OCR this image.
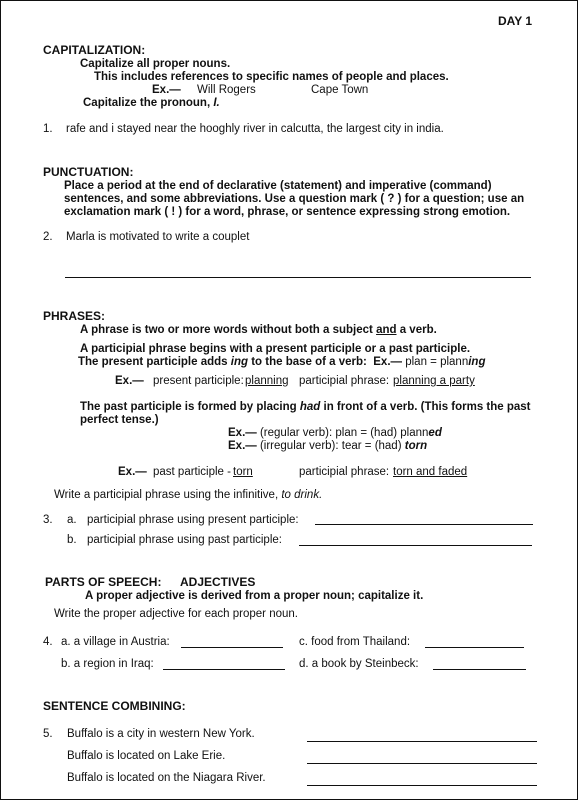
DAY 1
CAPITALIZATION:
Capitalize all proper nouns.
This includes references to specific names of people and places.
Ex.— Will Rogers	Cape Town
Capitalize the pronoun, I.
1. rafe and i stayed near the hooghly river in calcutta, the largest city in india.
PUNCTUATION:
Place a period at the end of declarative (statement) and imperative (command)
sentences, and some abbreviations. Use a question mark ( ? ) for a question; use an
exclamation mark ( ! ) for a word, phrase, or sentence expressing strong emotion.
2. Marla is motivated to write a couplet
PHRASES:
A phrase is two or more words without both a subject and a verb.
A participial phrase begins with a present participle or a past participle.
The present participle adds ing to the base of a verb: Ex.— plan = planning
Ex.— present participle: planning participial phrase: planning a party
The past participle is formed by placing had in front of a verb. (This forms the past
perfect tense.)
Ex.— (regular verb): plan = (had) planned
Ex.— (irregular verb): tear = (had) torn
Ex.— past participle - torn	participial phrase: torn and faded
Write a participial phrase using the infinitive, to drink.
3. a. participial phrase using present participle:
b. participial phrase using past participle:
PARTS OF SPEECH: ADJECTIVES
A proper adjective is derived from a proper noun; capitalize it.
Write the proper adjective for each proper noun.
4. a. a village in Austria:	c. food from Thailand:
b. a region in Iraq:	d. a book by Steinbeck:
SENTENCE COMBINING:
5. Buffalo is a city in western New York.
Buffalo is located on Lake Erie.
Buffalo is located on the Niagara River.
